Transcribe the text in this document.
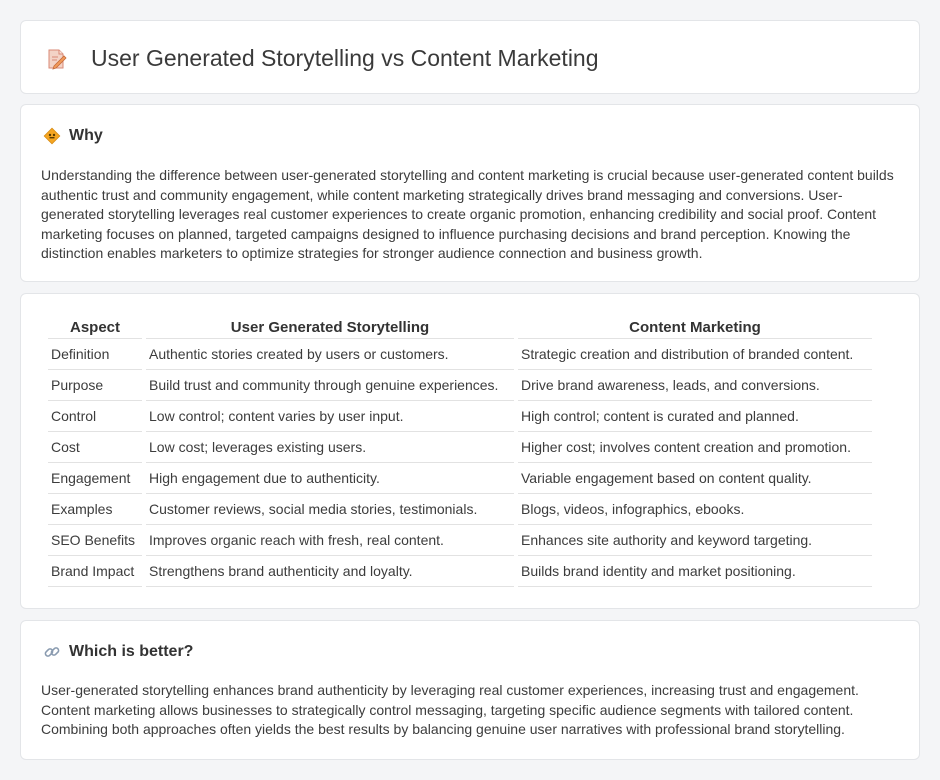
User Generated Storytelling vs Content Marketing
Why

Understanding the difference between user-generated storytelling and content marketing is crucial because user-generated content builds authentic trust and community engagement, while content marketing strategically drives brand messaging and conversions. User-generated storytelling leverages real customer experiences to create organic promotion, enhancing credibility and social proof. Content marketing focuses on planned, targeted campaigns designed to influence purchasing decisions and brand perception. Knowing the distinction enables marketers to optimize strategies for stronger audience connection and business growth.

Aspect	User Generated Storytelling	Content Marketing
Definition	Authentic stories created by users or customers.	Strategic creation and distribution of branded content.
Purpose	Build trust and community through genuine experiences.	Drive brand awareness, leads, and conversions.
Control	Low control; content varies by user input.	High control; content is curated and planned.
Cost	Low cost; leverages existing users.	Higher cost; involves content creation and promotion.
Engagement	High engagement due to authenticity.	Variable engagement based on content quality.
Examples	Customer reviews, social media stories, testimonials.	Blogs, videos, infographics, ebooks.
SEO Benefits	Improves organic reach with fresh, real content.	Enhances site authority and keyword targeting.
Brand Impact	Strengthens brand authenticity and loyalty.	Builds brand identity and market positioning.
Which is better?

User-generated storytelling enhances brand authenticity by leveraging real customer experiences, increasing trust and engagement. Content marketing allows businesses to strategically control messaging, targeting specific audience segments with tailored content. Combining both approaches often yields the best results by balancing genuine user narratives with professional brand storytelling.
